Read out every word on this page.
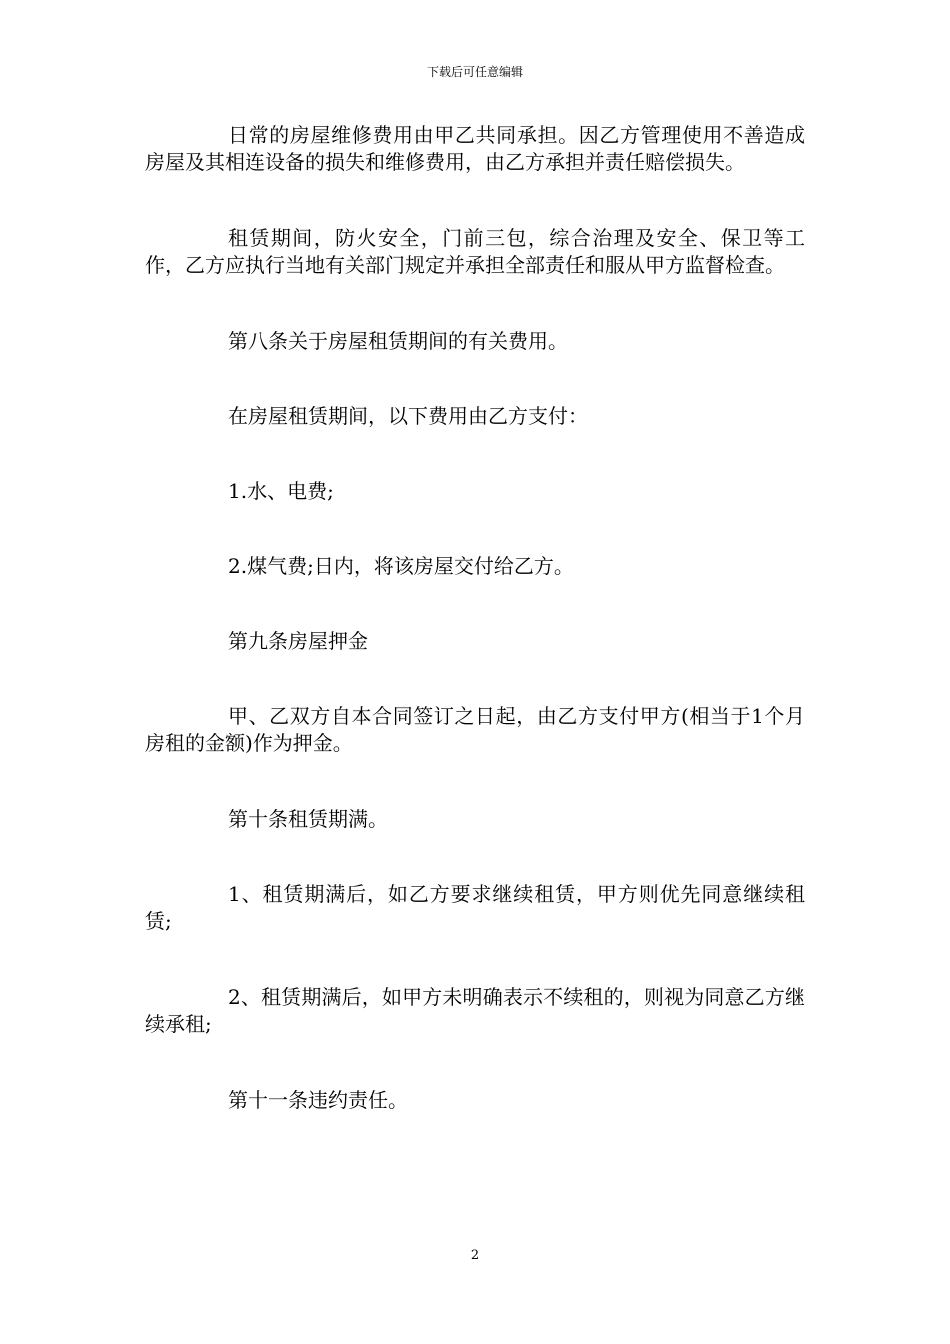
下载后可任意编辑

日常的房屋维修费用由甲乙共同承担。因乙方管理使用不善造成房屋及其相连设备的损失和维修费用，由乙方承担并责任赔偿损失。

租赁期间，防火安全，门前三包，综合治理及安全、保卫等工作，乙方应执行当地有关部门规定并承担全部责任和服从甲方监督检查。

第八条关于房屋租赁期间的有关费用。

在房屋租赁期间，以下费用由乙方支付：

1.水、电费;

2.煤气费;日内，将该房屋交付给乙方。

第九条房屋押金

甲、乙双方自本合同签订之日起，由乙方支付甲方(相当于1个月房租的金额)作为押金。

第十条租赁期满。

1、租赁期满后，如乙方要求继续租赁，甲方则优先同意继续租赁;

2、租赁期满后，如甲方未明确表示不续租的，则视为同意乙方继续承租;

第十一条违约责任。

2
